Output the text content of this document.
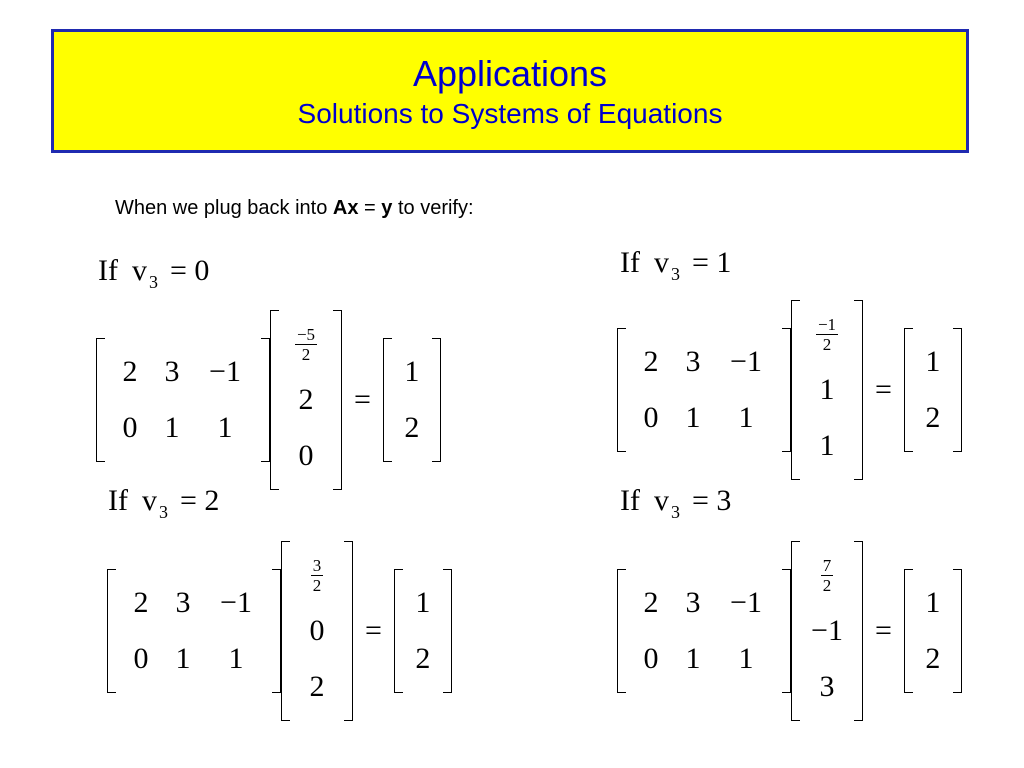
Applications
Solutions to Systems of Equations
When we plug back into Ax = y to verify:
If v $_3$ = 0
2 3 −1
0 1	1
$\frac{-5}{2}$
2
0
=
1
2
If v $_3$ = 1
2 3 −1
0 1	1
$\frac{-1}{2}$
1
1
=
1
2
If v $_3$ = 2
2 3 −1
0 1	1
$\frac{3}{2}$
0
2
=
1
2
If v $_3$ = 3
2 3 −1
0 1	1
$\frac{7}{2}$
−1
3
=
1
2
